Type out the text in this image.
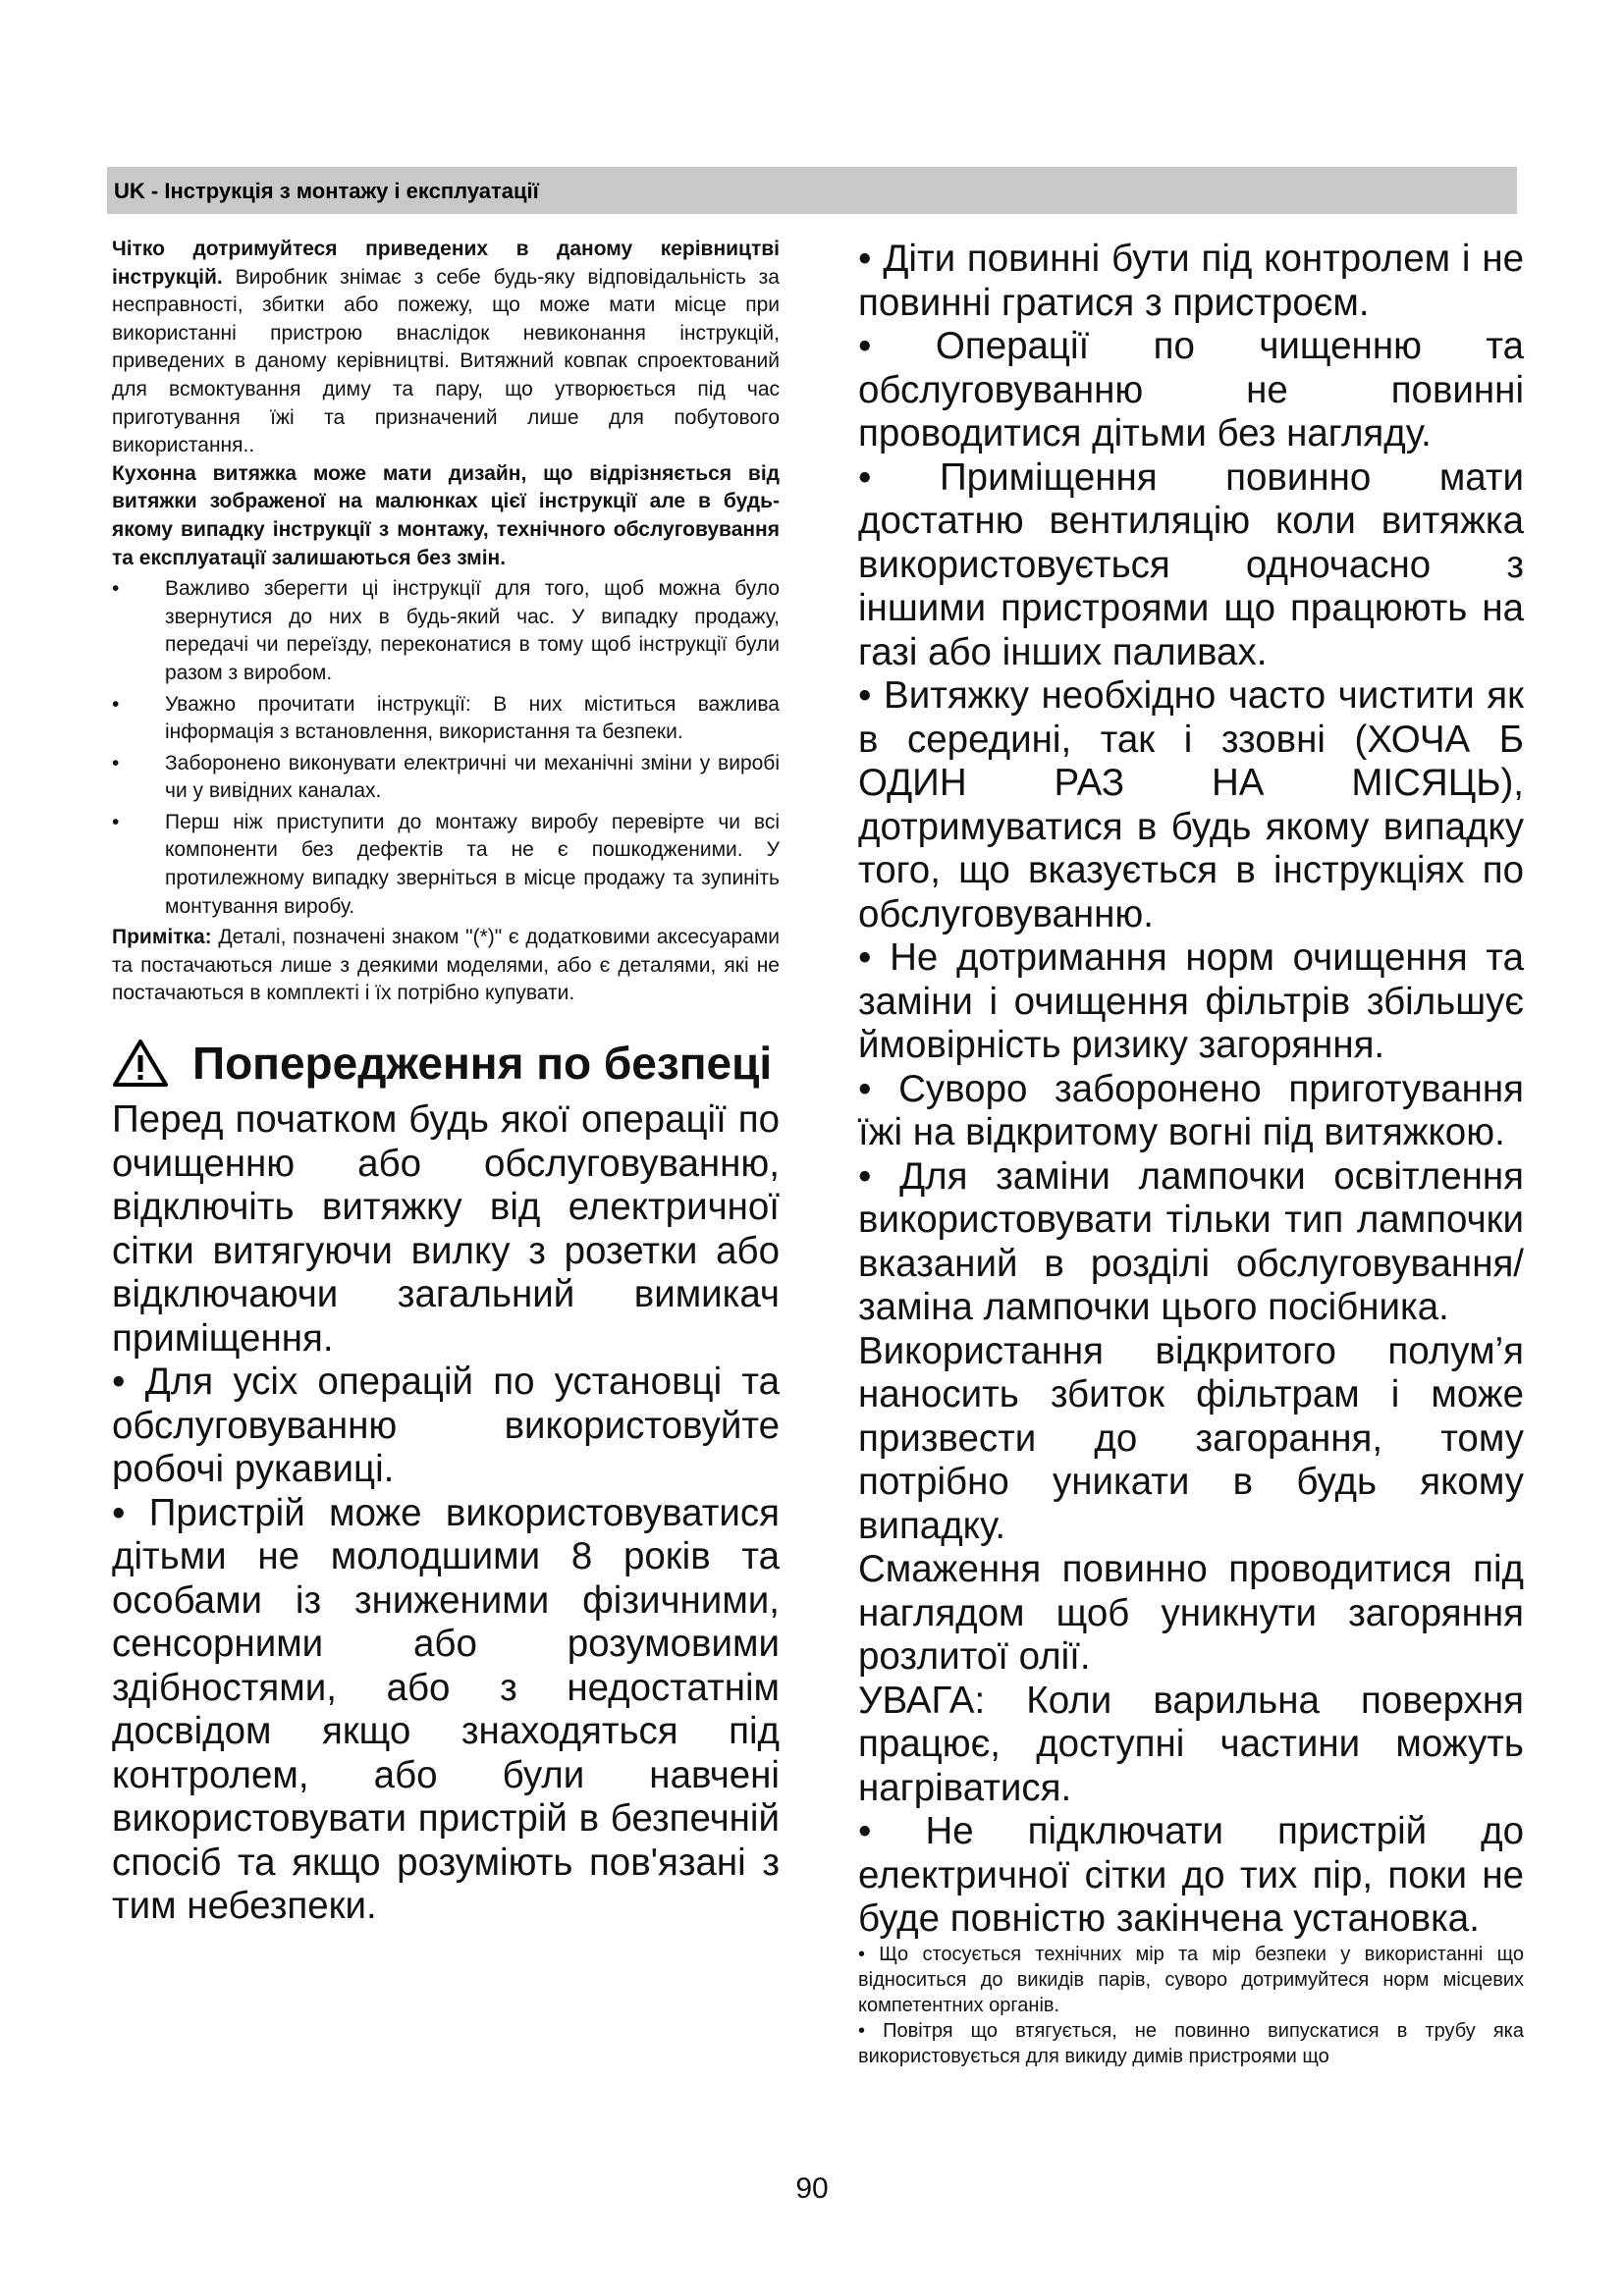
UK - Інструкція з монтажу і експлуатації

Чітко дотримуйтеся приведених в даному керівництві інструкцій. Виробник знімає з себе будь-яку відповідальність за несправності, збитки або пожежу, що може мати місце при використанні пристрою внаслідок невиконання інструкцій, приведених в даному керівництві. Витяжний ковпак спроектований для всмоктування диму та пару, що утворюється під час приготування їжі та призначений лише для побутового використання..

Кухонна витяжка може мати дизайн, що відрізняється від витяжки зображеної на малюнках цієї інструкції але в будь-якому випадку інструкції з монтажу, технічного обслуговування та експлуатації залишаються без змін.

• Важливо зберегти ці інструкції для того, щоб можна було звернутися до них в будь-який час. У випадку продажу, передачі чи переїзду, переконатися в тому щоб інструкції були разом з виробом.
• Уважно прочитати інструкції: В них міститься важлива інформація з встановлення, використання та безпеки.
• Заборонено виконувати електричні чи механічні зміни у виробі чи у вивідних каналах.
• Перш ніж приступити до монтажу виробу перевірте чи всі компоненти без дефектів та не є пошкодженими. У протилежному випадку зверніться в місце продажу та зупиніть монтування виробу.

Примітка: Деталі, позначені знаком "(*)" є додатковими аксесуарами та постачаються лише з деякими моделями, або є деталями, які не постачаються в комплекті і їх потрібно купувати.

Попередження по безпеці

Перед початком будь якої операції по очищенню або обслуговуванню, відключіть витяжку від електричної сітки витягуючи вилку з розетки або відключаючи загальний вимикач приміщення.

• Для усіх операцій по установці та обслуговуванню використовуйте робочі рукавиці.

• Пристрій може використовуватися дітьми не молодшими 8 років та особами із зниженими фізичними, сенсорними або розумовими здібностями, або з недостатнім досвідом якщо знаходяться під контролем, або були навчені використовувати пристрій в безпечній спосіб та якщо розуміють пов'язані з тим небезпеки.

• Діти повинні бути під контролем і не повинні гратися з пристроєм.

• Операції по чищенню та обслуговуванню не повинні проводитися дітьми без нагляду.

• Приміщення повинно мати достатню вентиляцію коли витяжка використовується одночасно з іншими пристроями що працюють на газі або інших паливах.

• Витяжку необхідно часто чистити як в середині, так і ззовні (ХОЧА Б ОДИН РАЗ НА МІСЯЦЬ), дотримуватися в будь якому випадку того, що вказується в інструкціях по обслуговуванню.

• Не дотримання норм очищення та заміни і очищення фільтрів збільшує ймовірність ризику загоряння.

• Суворо заборонено приготування їжі на відкритому вогні під витяжкою.

• Для заміни лампочки освітлення використовувати тільки тип лампочки вказаний в розділі обслуговування/заміна лампочки цього посібника.

Використання відкритого полум’я наносить збиток фільтрам і може призвести до загорання, тому потрібно уникати в будь якому випадку.

Смаження повинно проводитися під наглядом щоб уникнути загоряння розлитої олії.

УВАГА: Коли варильна поверхня працює, доступні частини можуть нагріватися.

• Не підключати пристрій до електричної сітки до тих пір, поки не буде повністю закінчена установка.

• Що стосується технічних мір та мір безпеки у використанні що відноситься до викидів парів, суворо дотримуйтеся норм місцевих компетентних органів.

• Повітря що втягується, не повинно випускатися в трубу яка використовується для викиду димів пристроями що

90
